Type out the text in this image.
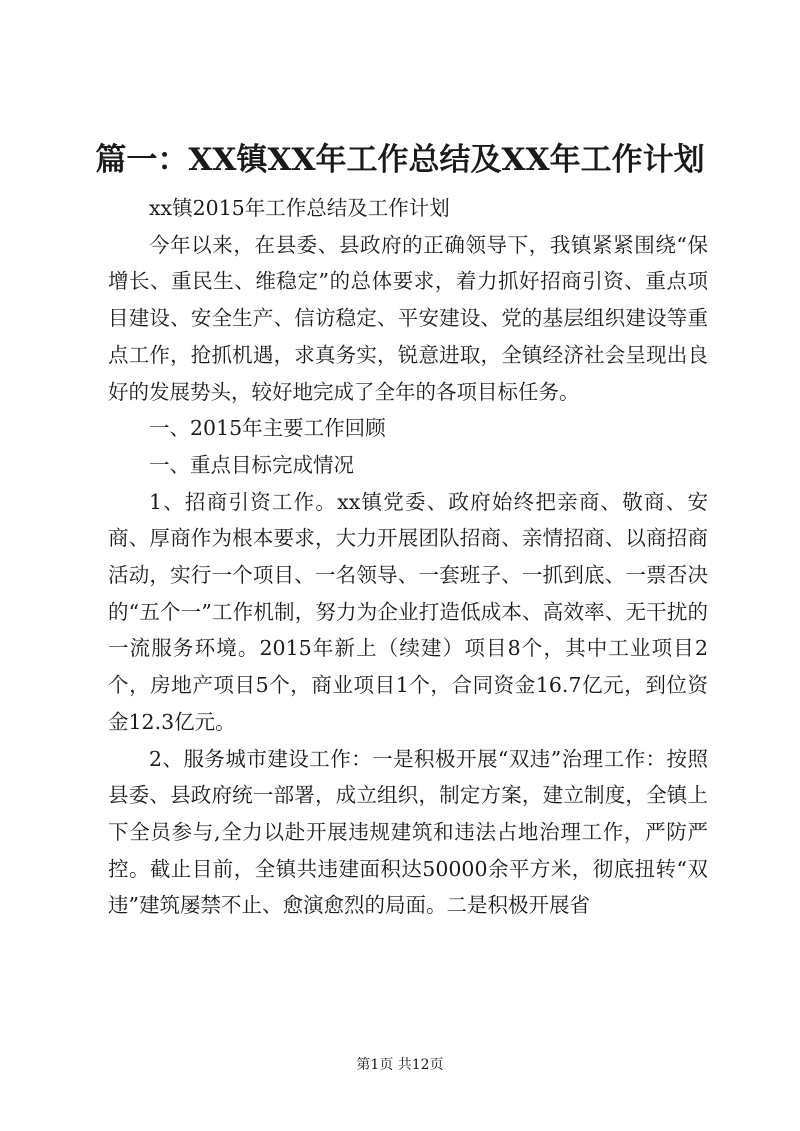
篇一：XX镇XX年工作总结及XX年工作计划

xx镇2015年工作总结及工作计划

今年以来，在县委、县政府的正确领导下，我镇紧紧围绕“保增长、重民生、维稳定”的总体要求，着力抓好招商引资、重点项目建设、安全生产、信访稳定、平安建设、党的基层组织建设等重点工作，抢抓机遇，求真务实，锐意进取，全镇经济社会呈现出良好的发展势头，较好地完成了全年的各项目标任务。

一、2015年主要工作回顾

一、重点目标完成情况

1、招商引资工作。xx镇党委、政府始终把亲商、敬商、安商、厚商作为根本要求，大力开展团队招商、亲情招商、以商招商活动，实行一个项目、一名领导、一套班子、一抓到底、一票否决的“五个一”工作机制，努力为企业打造低成本、高效率、无干扰的一流服务环境。2015年新上（续建）项目8个，其中工业项目2个，房地产项目5个，商业项目1个，合同资金16.7亿元，到位资金12.3亿元。

2、服务城市建设工作：一是积极开展“双违”治理工作：按照县委、县政府统一部署，成立组织，制定方案，建立制度，全镇上下全员参与,全力以赴开展违规建筑和违法占地治理工作，严防严控。截止目前，全镇共违建面积达50000余平方米，彻底扭转“双违”建筑屡禁不止、愈演愈烈的局面。二是积极开展省

第1页 共12页
